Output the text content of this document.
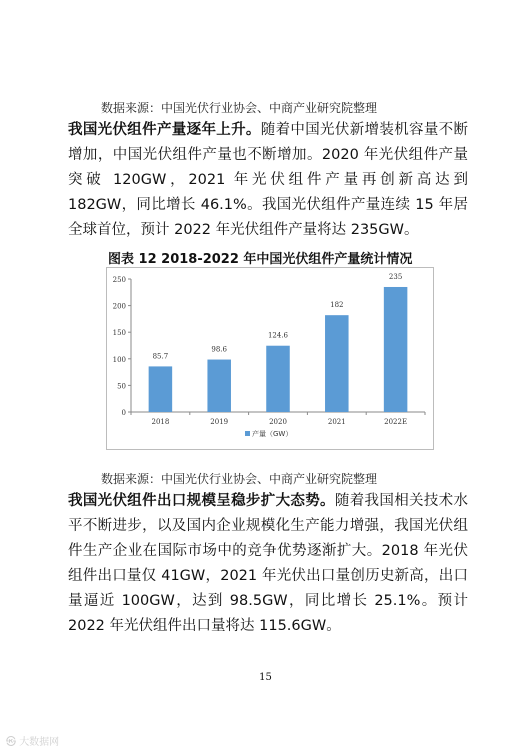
数据来源：中国光伏行业协会、中商产业研究院整理
我国光伏组件产量逐年上升。随着中国光伏新增装机容量不断增加，中国光伏组件产量也不断增加。2020 年光伏组件产量突破 120GW，2021 年光伏组件产量再创新高达到 182GW，同比增长 46.1%。我国光伏组件产量连续 15 年居全球首位，预计 2022 年光伏组件产量将达 235GW。
图表 12 2018-2022 年中国光伏组件产量统计情况
0
50
100
150
200
250
85.7
2018
98.6
2019
124.6
2020
182
2021
235
2022E
产量（GW）
数据来源：中国光伏行业协会、中商产业研究院整理
我国光伏组件出口规模呈稳步扩大态势。随着我国相关技术水平不断进步，以及国内企业规模化生产能力增强，我国光伏组件生产企业在国际市场中的竞争优势逐渐扩大。2018 年光伏组件出口量仅 41GW，2021 年光伏出口量创历史新高，出口量逼近 100GW，达到 98.5GW，同比增长 25.1%。预计 2022 年光伏组件出口量将达 115.6GW。
15
㉿ 大数据网
